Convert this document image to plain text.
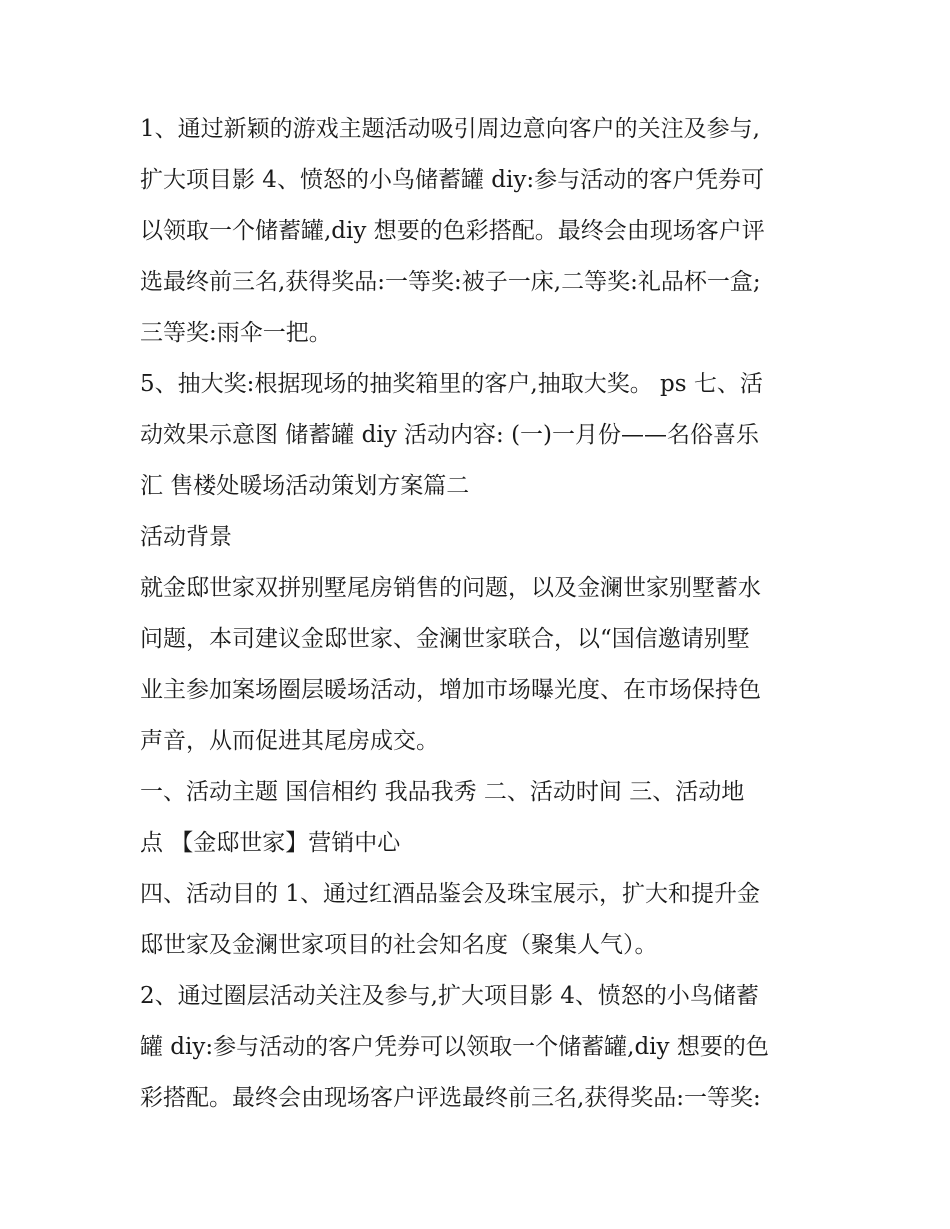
1、通过新颖的游戏主题活动吸引周边意向客户的关注及参与,
扩大项目影 4、愤怒的小鸟储蓄罐 diy:参与活动的客户凭券可
以领取一个储蓄罐,diy 想要的色彩搭配。最终会由现场客户评
选最终前三名,获得奖品:一等奖:被子一床,二等奖:礼品杯一盒;
三等奖:雨伞一把。
5、抽大奖:根据现场的抽奖箱里的客户,抽取大奖。 ps 七、活
动效果示意图 储蓄罐 diy 活动内容: (一)一月份——名俗喜乐
汇 售楼处暖场活动策划方案篇二
活动背景
就金邸世家双拼别墅尾房销售的问题，以及金澜世家别墅蓄水
问题，本司建议金邸世家、金澜世家联合，以“国信邀请别墅
业主参加案场圈层暖场活动，增加市场曝光度、在市场保持色
声音，从而促进其尾房成交。
一、活动主题 国信相约 我品我秀 二、活动时间 三、活动地
点 【金邸世家】营销中心
四、活动目的 1、通过红酒品鉴会及珠宝展示，扩大和提升金
邸世家及金澜世家项目的社会知名度（聚集人气）。
2、通过圈层活动关注及参与,扩大项目影 4、愤怒的小鸟储蓄
罐 diy:参与活动的客户凭券可以领取一个储蓄罐,diy 想要的色
彩搭配。最终会由现场客户评选最终前三名,获得奖品:一等奖:
